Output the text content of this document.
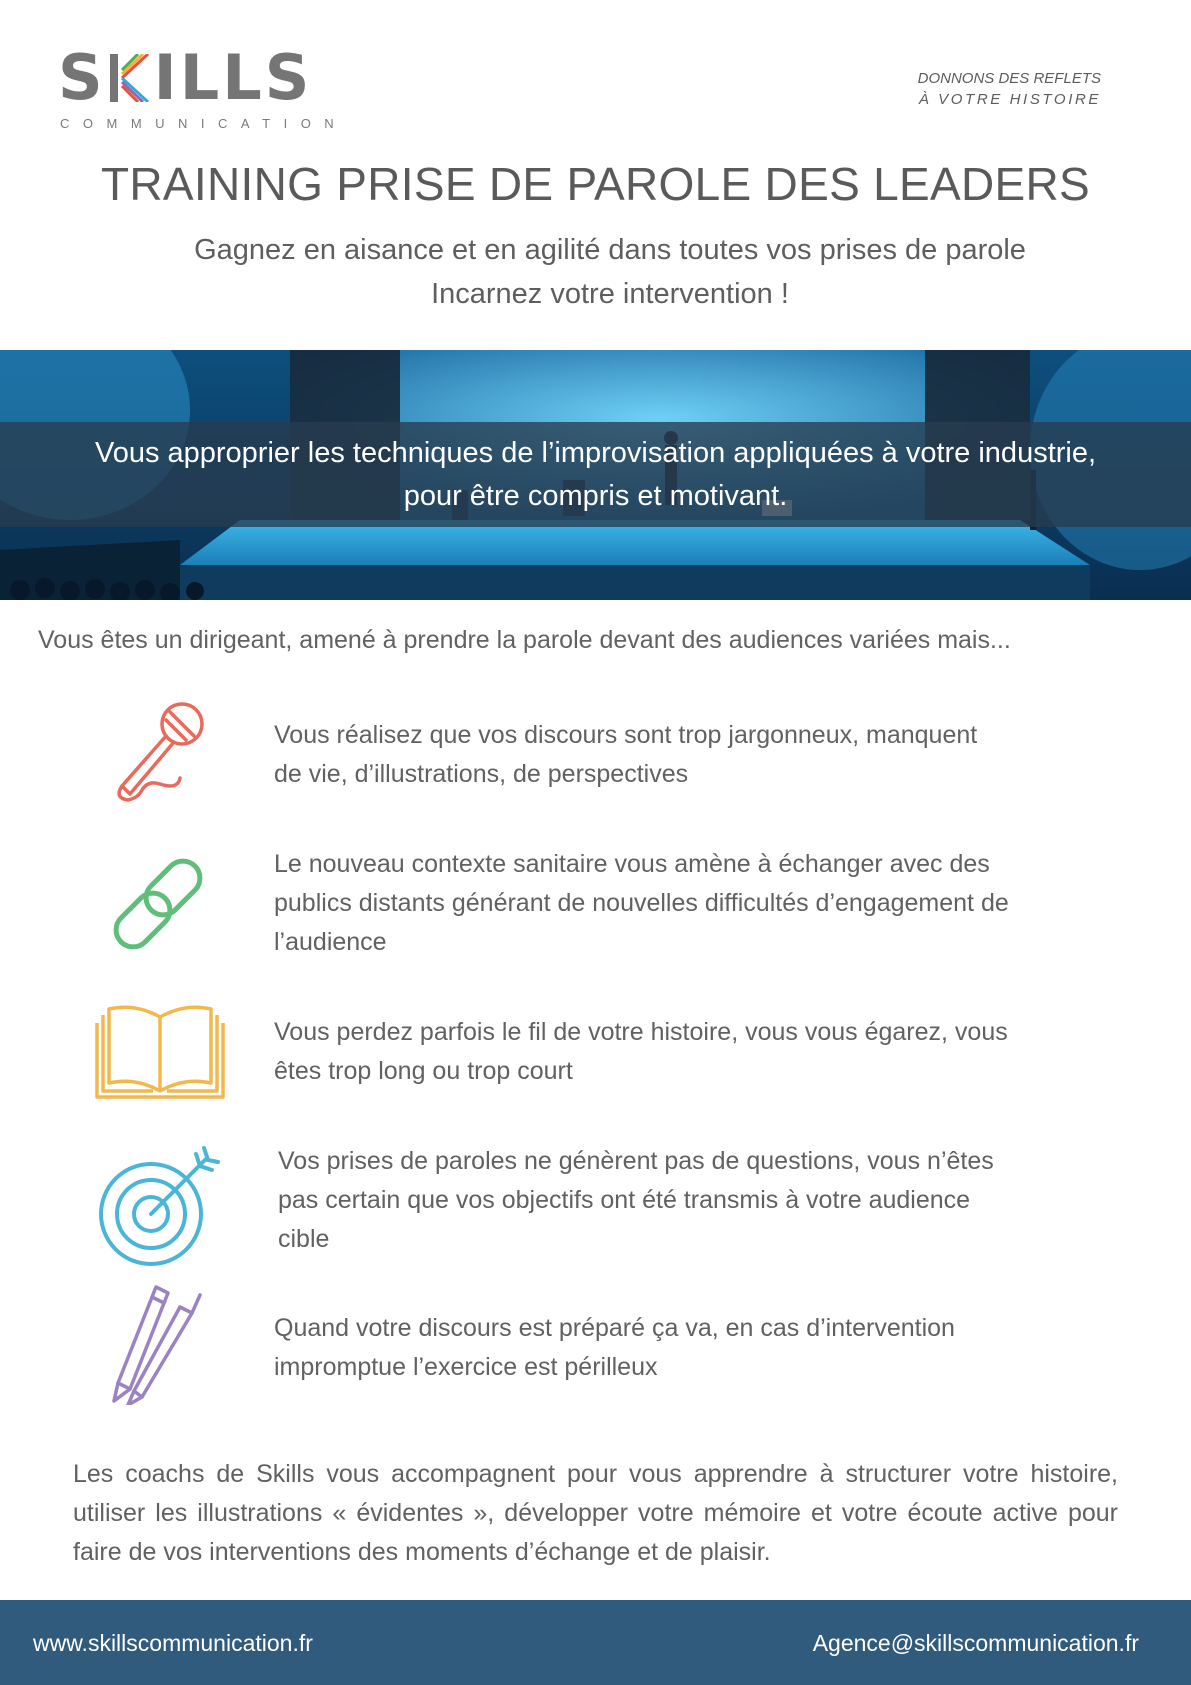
S ILLS
COMMUNICATION
DONNONS DES REFLETS
À VOTRE HISTOIRE
TRAINING PRISE DE PAROLE DES LEADERS
Gagnez en aisance et en agilité dans toutes vos prises de parole
Incarnez votre intervention !
Vous approprier les techniques de l’improvisation appliquées à votre industrie,
pour être compris et motivant.
Vous êtes un dirigeant, amené à prendre la parole devant des audiences variées mais...
Vous réalisez que vos discours sont trop jargonneux, manquent
de vie, d’illustrations, de perspectives
Le nouveau contexte sanitaire vous amène à échanger avec des
publics distants générant de nouvelles difficultés d’engagement de
l’audience
Vous perdez parfois le fil de votre histoire, vous vous égarez, vous
êtes trop long ou trop court
Vos prises de paroles ne génèrent pas de questions, vous n’êtes
pas certain que vos objectifs ont été transmis à votre audience
cible
Quand votre discours est préparé ça va, en cas d’intervention
impromptue l’exercice est périlleux
Les coachs de Skills vous accompagnent pour vous apprendre à structurer votre histoire, utiliser les illustrations « évidentes », développer votre mémoire et votre écoute active pour faire de vos interventions des moments d’échange et de plaisir.
www.skillscommunication.fr	Agence@skillscommunication.fr
